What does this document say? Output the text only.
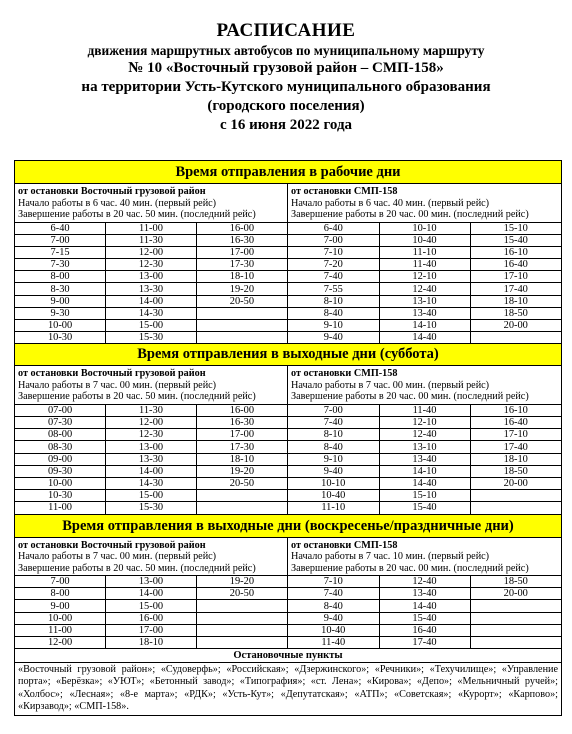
РАСПИСАНИЕ
движения маршрутных автобусов по муниципальному маршруту
№ 10 «Восточный грузовой район – СМП-158»
на территории Усть-Кутского муниципального образования
(городского поселения)
с 16 июня 2022 года
Время отправления в рабочие дни
от остановки Восточный грузовой район
Начало работы в 6 час. 40 мин. (первый рейс)
Завершение работы в 20 час. 50 мин. (последний рейс)
6-40	11-00	16-00
7-00	11-30	16-30
7-15	12-00	17-00
7-30	12-30	17-30
8-00	13-00	18-10
8-30	13-30	19-20
9-00	14-00	20-50
9-30	14-30	
10-00	15-00	
10-30	15-30	
от остановки СМП-158
Начало работы в 6 час. 40 мин. (первый рейс)
Завершение работы в 20 час. 00 мин. (последний рейс)
6-40	10-10	15-10
7-00	10-40	15-40
7-10	11-10	16-10
7-20	11-40	16-40
7-40	12-10	17-10
7-55	12-40	17-40
8-10	13-10	18-10
8-40	13-40	18-50
9-10	14-10	20-00
9-40	14-40	
Время отправления в выходные дни (суббота)
от остановки Восточный грузовой район
Начало работы в 7 час. 00 мин. (первый рейс)
Завершение работы в 20 час. 50 мин. (последний рейс)
07-00	11-30	16-00
07-30	12-00	16-30
08-00	12-30	17-00
08-30	13-00	17-30
09-00	13-30	18-10
09-30	14-00	19-20
10-00	14-30	20-50
10-30	15-00	
11-00	15-30	
от остановки СМП-158
Начало работы в 7 час. 00 мин. (первый рейс)
Завершение работы в 20 час. 00 мин. (последний рейс)
7-00	11-40	16-10
7-40	12-10	16-40
8-10	12-40	17-10
8-40	13-10	17-40
9-10	13-40	18-10
9-40	14-10	18-50
10-10	14-40	20-00
10-40	15-10	
11-10	15-40	
Время отправления в выходные дни (воскресенье/праздничные дни)
от остановки Восточный грузовой район
Начало работы в 7 час. 00 мин. (первый рейс)
Завершение работы в 20 час. 50 мин. (последний рейс)
7-00	13-00	19-20
8-00	14-00	20-50
9-00	15-00	
10-00	16-00	
11-00	17-00	
12-00	18-10	
от остановки СМП-158
Начало работы в 7 час. 10 мин. (первый рейс)
Завершение работы в 20 час. 00 мин. (последний рейс)
7-10	12-40	18-50
7-40	13-40	20-00
8-40	14-40	
9-40	15-40	
10-40	16-40	
11-40	17-40	
Остановочные пункты
«Восточный грузовой район»; «Судоверфь»; «Российская»; «Дзержинского»; «Речники»; «Техучилище»; «Управление порта»; «Берёзка»; «УЮТ»; «Бетонный завод»; «Типография»; «ст. Лена»; «Кирова»; «Депо»; «Мельничный ручей»; «Холбос»; «Лесная»; «8-е марта»; «РДК»; «Усть-Кут»; «Депутатская»; «АТП»; «Советская»; «Курорт»; «Карпово»; «Кирзавод»; «СМП-158».
